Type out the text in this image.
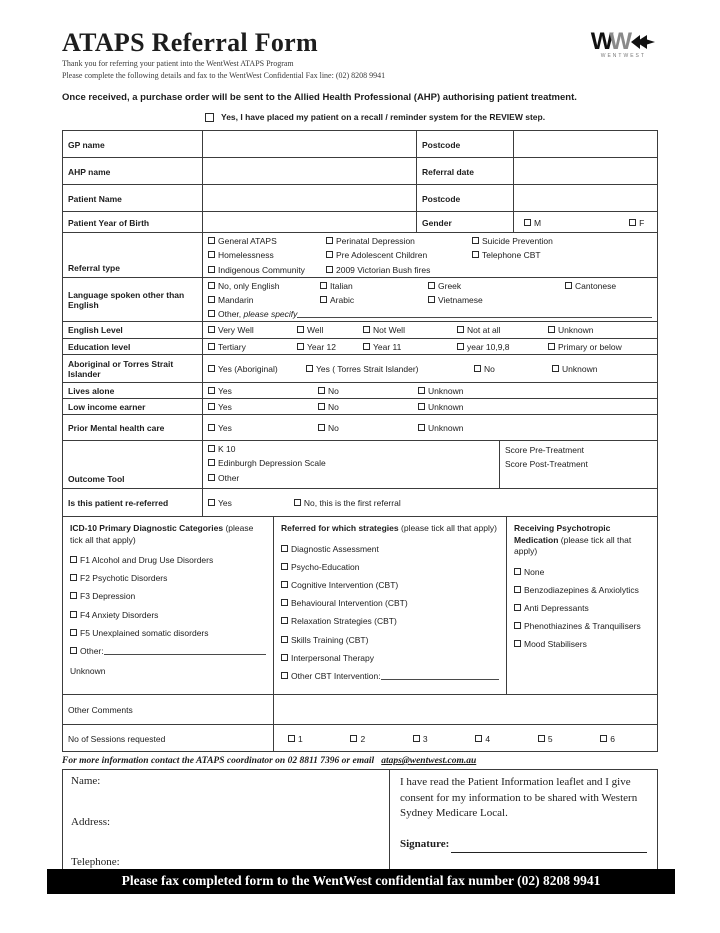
ATAPS Referral Form
Thank you for referring your patient into the WentWest ATAPS Program
Please complete the following details and fax to the WentWest Confidential Fax line: (02) 8208 9941
W W
WENTWEST
Once received, a purchase order will be sent to the Allied Health Professional (AHP) authorising patient treatment.
Yes, I have placed my patient on a recall / reminder system for the REVIEW step.
GP name	Postcode
AHP name	Referral date
Patient Name	Postcode
Patient Year of Birth	Gender	M	F
Referral type
General ATAPS	Perinatal Depression	Suicide Prevention
Homelessness	Pre Adolescent Children	Telephone CBT
Indigenous Community	2009 Victorian Bush fires
Language spoken other than English
No, only English	Italian	Greek	Cantonese
Mandarin	Arabic	Vietnamese
Other,
please specify
English Level	Very Well	Well	Not Well	Not at all	Unknown
Education level	Tertiary	Year 12	Year 11	year 10,9,8	Primary or below
Aboriginal or Torres Strait Islander
Yes (Aboriginal)	Yes ( Torres Strait Islander)	No	Unknown
Lives alone	Yes	No	Unknown
Low income earner	Yes	No	Unknown
Prior Mental health care	Yes	No	Unknown
Outcome Tool
K 10
Edinburgh Depression Scale
Other
Score Pre-Treatment
Score Post-Treatment
Is this patient re-referred	Yes	No, this is the first referral
ICD-10 Primary Diagnostic Categories (please tick all that apply)
F1 Alcohol and Drug Use Disorders
F2 Psychotic Disorders
F3 Depression
F4 Anxiety Disorders
F5 Unexplained somatic disorders
Other:
Unknown
Referred for which strategies (please tick all that apply)
Diagnostic Assessment
Psycho-Education
Cognitive Intervention (CBT)
Behavioural Intervention (CBT)
Relaxation Strategies (CBT)
Skills Training (CBT)
Interpersonal Therapy
Other CBT Intervention:
Receiving Psychotropic Medication (please tick all that apply)
None
Benzodiazepines & Anxiolytics
Anti Depressants
Phenothiazines & Tranquilisers
Mood Stabilisers
Other Comments
No of Sessions requested	1	2	3	4	5	6
For more information contact the ATAPS coordinator on 02 8811 7396 or email ataps@wentwest.com.au
Name:
Address:
Telephone:
I have read the Patient Information leaflet and I give consent for my information to be shared with Western Sydney Medicare Local.
Signature:
Please fax completed form to the WentWest confidential fax number (02) 8208 9941
